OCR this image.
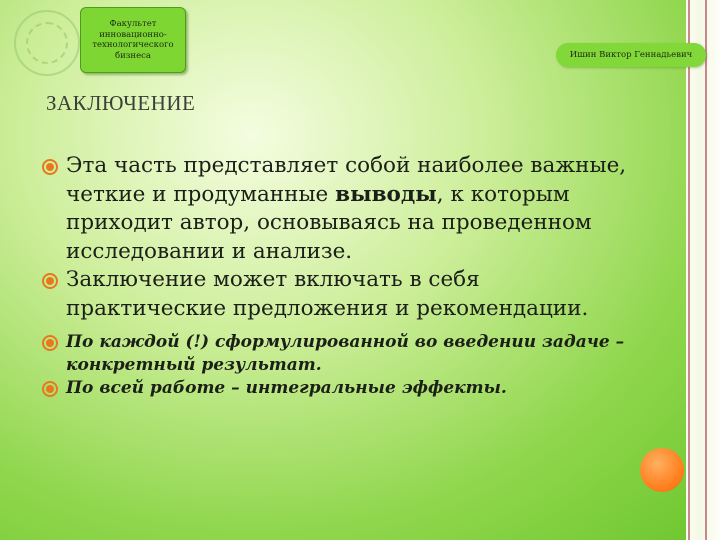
Факультет
инновационно-
технологического
бизнеса	Ишин Виктор Геннадьевич
ЗАКЛЮЧЕНИЕ
Эта часть представляет собой наиболее важные, четкие и продуманные выводы, к которым приходит автор, основываясь на проведенном исследовании и анализе.
Заключение может включать в себя практические предложения и рекомендации.
По каждой (!) сформулированной во введении задаче – конкретный результат.
По всей работе – интегральные эффекты.
